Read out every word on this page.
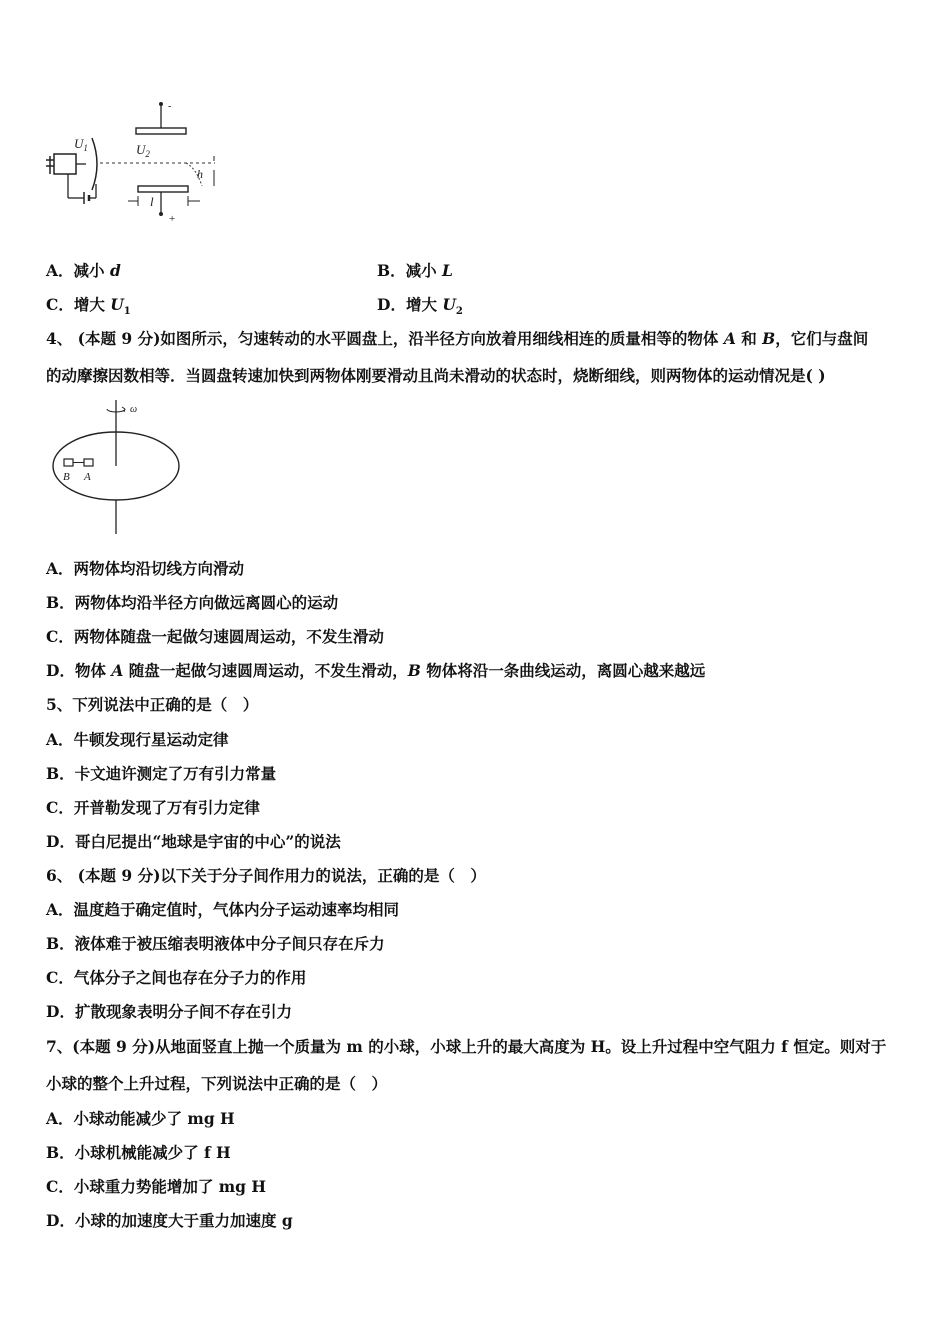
$U_1$
-
$U_2$
+
h
l
A．减小 d	B．减小 L
C．增大 $U_1$	D．增大 $U_2$
4、 (本题 9 分)如图所示，匀速转动的水平圆盘上，沿半径方向放着用细线相连的质量相等的物体 A 和 B，它们与盘间
的动摩擦因数相等．当圆盘转速加快到两物体刚要滑动且尚未滑动的状态时，烧断细线，则两物体的运动情况是( )
ω
B A
A．两物体均沿切线方向滑动
B．两物体均沿半径方向做远离圆心的运动
C．两物体随盘一起做匀速圆周运动，不发生滑动
D．物体 A 随盘一起做匀速圆周运动，不发生滑动，B 物体将沿一条曲线运动，离圆心越来越远
5、下列说法中正确的是（　）
A．牛顿发现行星运动定律
B．卡文迪许测定了万有引力常量
C．开普勒发现了万有引力定律
D．哥白尼提出“地球是宇宙的中心”的说法
6、 (本题 9 分)以下关于分子间作用力的说法，正确的是（　）
A．温度趋于确定值时，气体内分子运动速率均相同
B．液体难于被压缩表明液体中分子间只存在斥力
C．气体分子之间也存在分子力的作用
D．扩散现象表明分子间不存在引力
7、(本题 9 分)从地面竖直上抛一个质量为 m 的小球，小球上升的最大高度为 H。设上升过程中空气阻力 f 恒定。则对于
小球的整个上升过程，下列说法中正确的是（　）
A．小球动能减少了 mg H
B．小球机械能减少了 f H
C．小球重力势能增加了 mg H
D．小球的加速度大于重力加速度 g
